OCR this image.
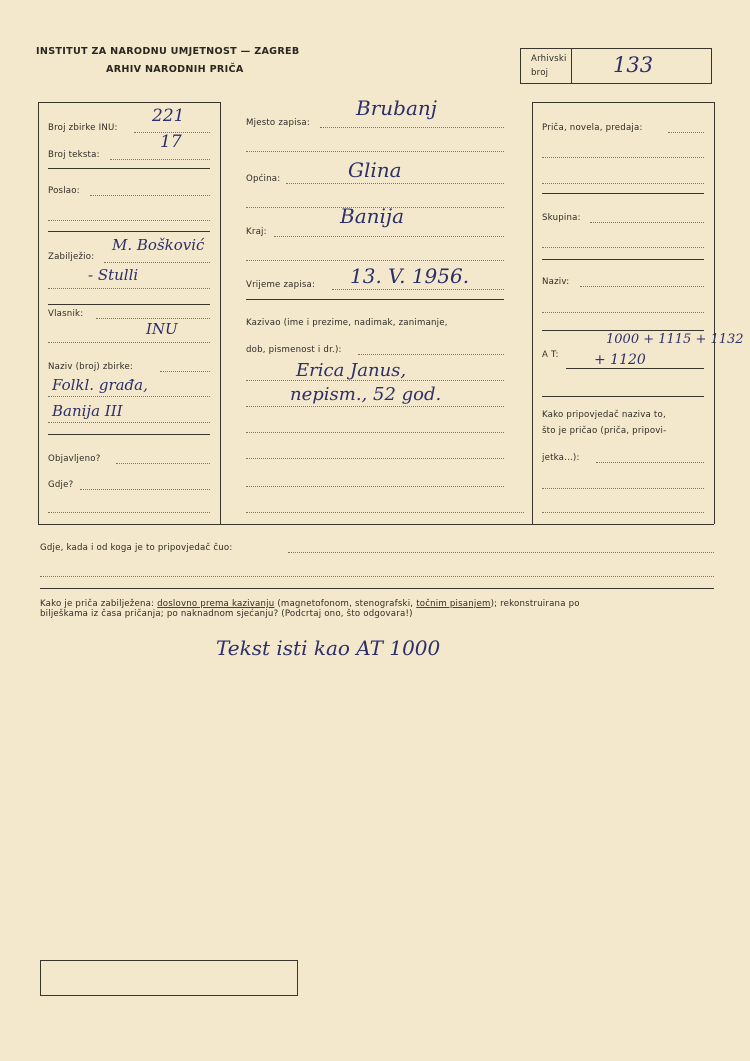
INSTITUT ZA NARODNU UMJETNOST — ZAGREB
ARHIV NARODNIH PRIČA
Arhivski
broj	133
Broj zbirke INU:
221
Broj teksta:
17
Poslao:
Zabilježio:
M. Bošković
- Stulli
Vlasnik:
INU
Naziv (broj) zbirke:
Folkl. građa,
Banija III
Objavljeno?
Gdje?
Mjesto zapisa:
Brubanj
Općina:	Glina
Kraj:
Banija
Vrijeme zapisa: 13. V. 1956.
Kazivao (ime i prezime, nadimak, zanimanje,
dob, pismenost i dr.):
Erica Janus,
nepism., 52 god.
Priča, novela, predaja:
Skupina:
Naziv:
A T:
1000 + 1115 + 1132
+ 1120
Kako pripovjedač naziva to,
što je pričao (priča, pripovi-
jetka...):
Gdje, kada i od koga je to pripovjedač čuo:
Kako je priča zabilježena: doslovno prema kazivanju (magnetofonom, stenografski, točnim pisanjem); rekonstruirana po
bilješkama iz časa pričanja; po naknadnom sjećanju? (Podcrtaj ono, što odgovara!)
Tekst isti kao AT 1000
